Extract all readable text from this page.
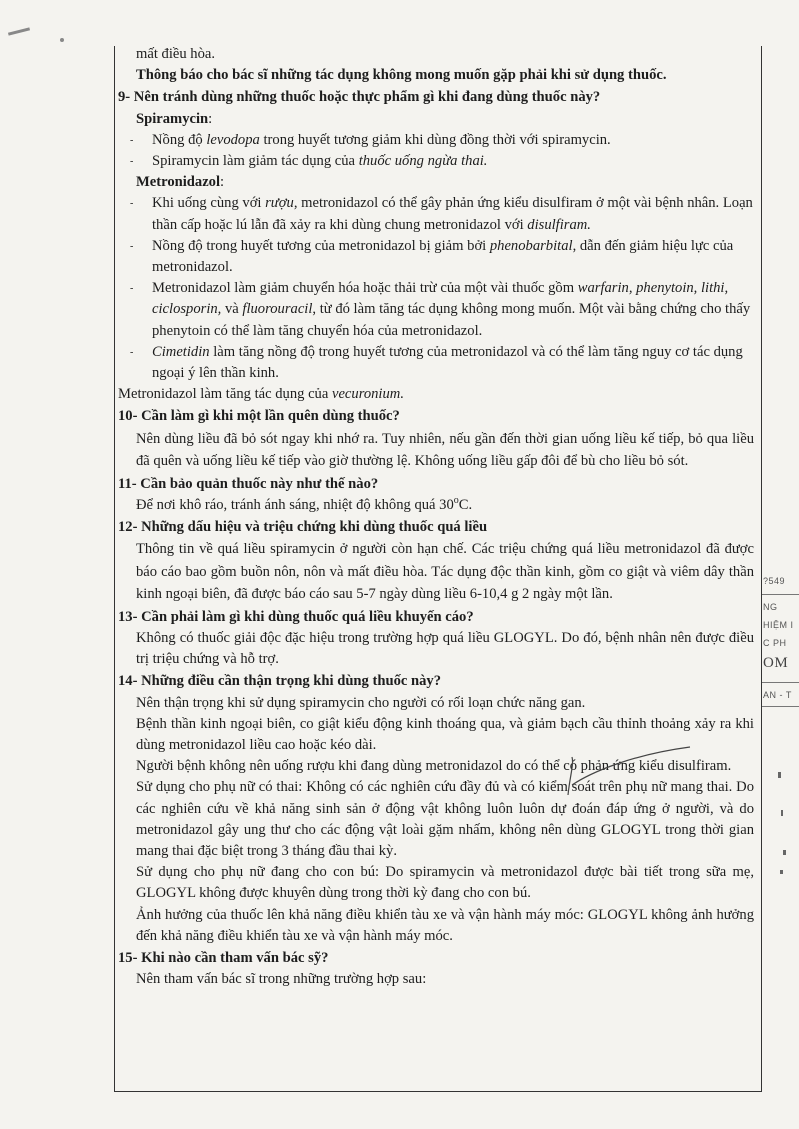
mất điều hòa.

Thông báo cho bác sĩ những tác dụng không mong muốn gặp phải khi sử dụng thuốc.

9- Nên tránh dùng những thuốc hoặc thực phẩm gì khi đang dùng thuốc này?

Spiramycin:

- Nồng độ levodopa trong huyết tương giảm khi dùng đồng thời với spiramycin.

- Spiramycin làm giảm tác dụng của thuốc uống ngừa thai.

Metronidazol:

- Khi uống cùng với rượu, metronidazol có thể gây phản ứng kiểu disulfiram ở một vài bệnh nhân. Loạn thần cấp hoặc lú lẫn đã xảy ra khi dùng chung metronidazol với disulfiram.

- Nồng độ trong huyết tương của metronidazol bị giảm bởi phenobarbital, dẫn đến giảm hiệu lực của metronidazol.

- Metronidazol làm giảm chuyển hóa hoặc thải trừ của một vài thuốc gồm warfarin, phenytoin, lithi, ciclosporin, và fluorouracil, từ đó làm tăng tác dụng không mong muốn. Một vài bằng chứng cho thấy phenytoin có thể làm tăng chuyển hóa của metronidazol.

- Cimetidin làm tăng nồng độ trong huyết tương của metronidazol và có thể làm tăng nguy cơ tác dụng ngoại ý lên thần kinh.

Metronidazol làm tăng tác dụng của vecuronium.

10- Cần làm gì khi một lần quên dùng thuốc?

Nên dùng liều đã bỏ sót ngay khi nhớ ra. Tuy nhiên, nếu gần đến thời gian uống liều kế tiếp, bỏ qua liều đã quên và uống liều kế tiếp vào giờ thường lệ. Không uống liều gấp đôi để bù cho liều bỏ sót.

11- Cần bảo quản thuốc này như thế nào?

Để nơi khô ráo, tránh ánh sáng, nhiệt độ không quá 30$^o$C.

12- Những dấu hiệu và triệu chứng khi dùng thuốc quá liều

Thông tin về quá liều spiramycin ở người còn hạn chế. Các triệu chứng quá liều metronidazol đã được báo cáo bao gồm buồn nôn, nôn và mất điều hòa. Tác dụng độc thần kinh, gồm co giật và viêm dây thần kinh ngoại biên, đã được báo cáo sau 5-7 ngày dùng liều 6-10,4 g 2 ngày một lần.

13- Cần phải làm gì khi dùng thuốc quá liều khuyến cáo?

Không có thuốc giải độc đặc hiệu trong trường hợp quá liều GLOGYL. Do đó, bệnh nhân nên được điều trị triệu chứng và hỗ trợ.

14- Những điều cần thận trọng khi dùng thuốc này?

Nên thận trọng khi sử dụng spiramycin cho người có rối loạn chức năng gan.

Bệnh thần kinh ngoại biên, co giật kiểu động kinh thoáng qua, và giảm bạch cầu thỉnh thoảng xảy ra khi dùng metronidazol liều cao hoặc kéo dài.

Người bệnh không nên uống rượu khi đang dùng metronidazol do có thể có phản ứng kiểu disulfiram.

Sử dụng cho phụ nữ có thai: Không có các nghiên cứu đầy đủ và có kiểm soát trên phụ nữ mang thai. Do các nghiên cứu về khả năng sinh sản ở động vật không luôn luôn dự đoán đáp ứng ở người, và do metronidazol gây ung thư cho các động vật loài gặm nhấm, không nên dùng GLOGYL trong thời gian mang thai đặc biệt trong 3 tháng đầu thai kỳ.

Sử dụng cho phụ nữ đang cho con bú: Do spiramycin và metronidazol được bài tiết trong sữa mẹ, GLOGYL không được khuyên dùng trong thời kỳ đang cho con bú.

Ảnh hưởng của thuốc lên khả năng điều khiển tàu xe và vận hành máy móc: GLOGYL không ảnh hưởng đến khả năng điều khiển tàu xe và vận hành máy móc.

15- Khi nào cần tham vấn bác sỹ?

Nên tham vấn bác sĩ trong những trường hợp sau:

?549
NG
HIỆM I
C PH
OM
AN - T
